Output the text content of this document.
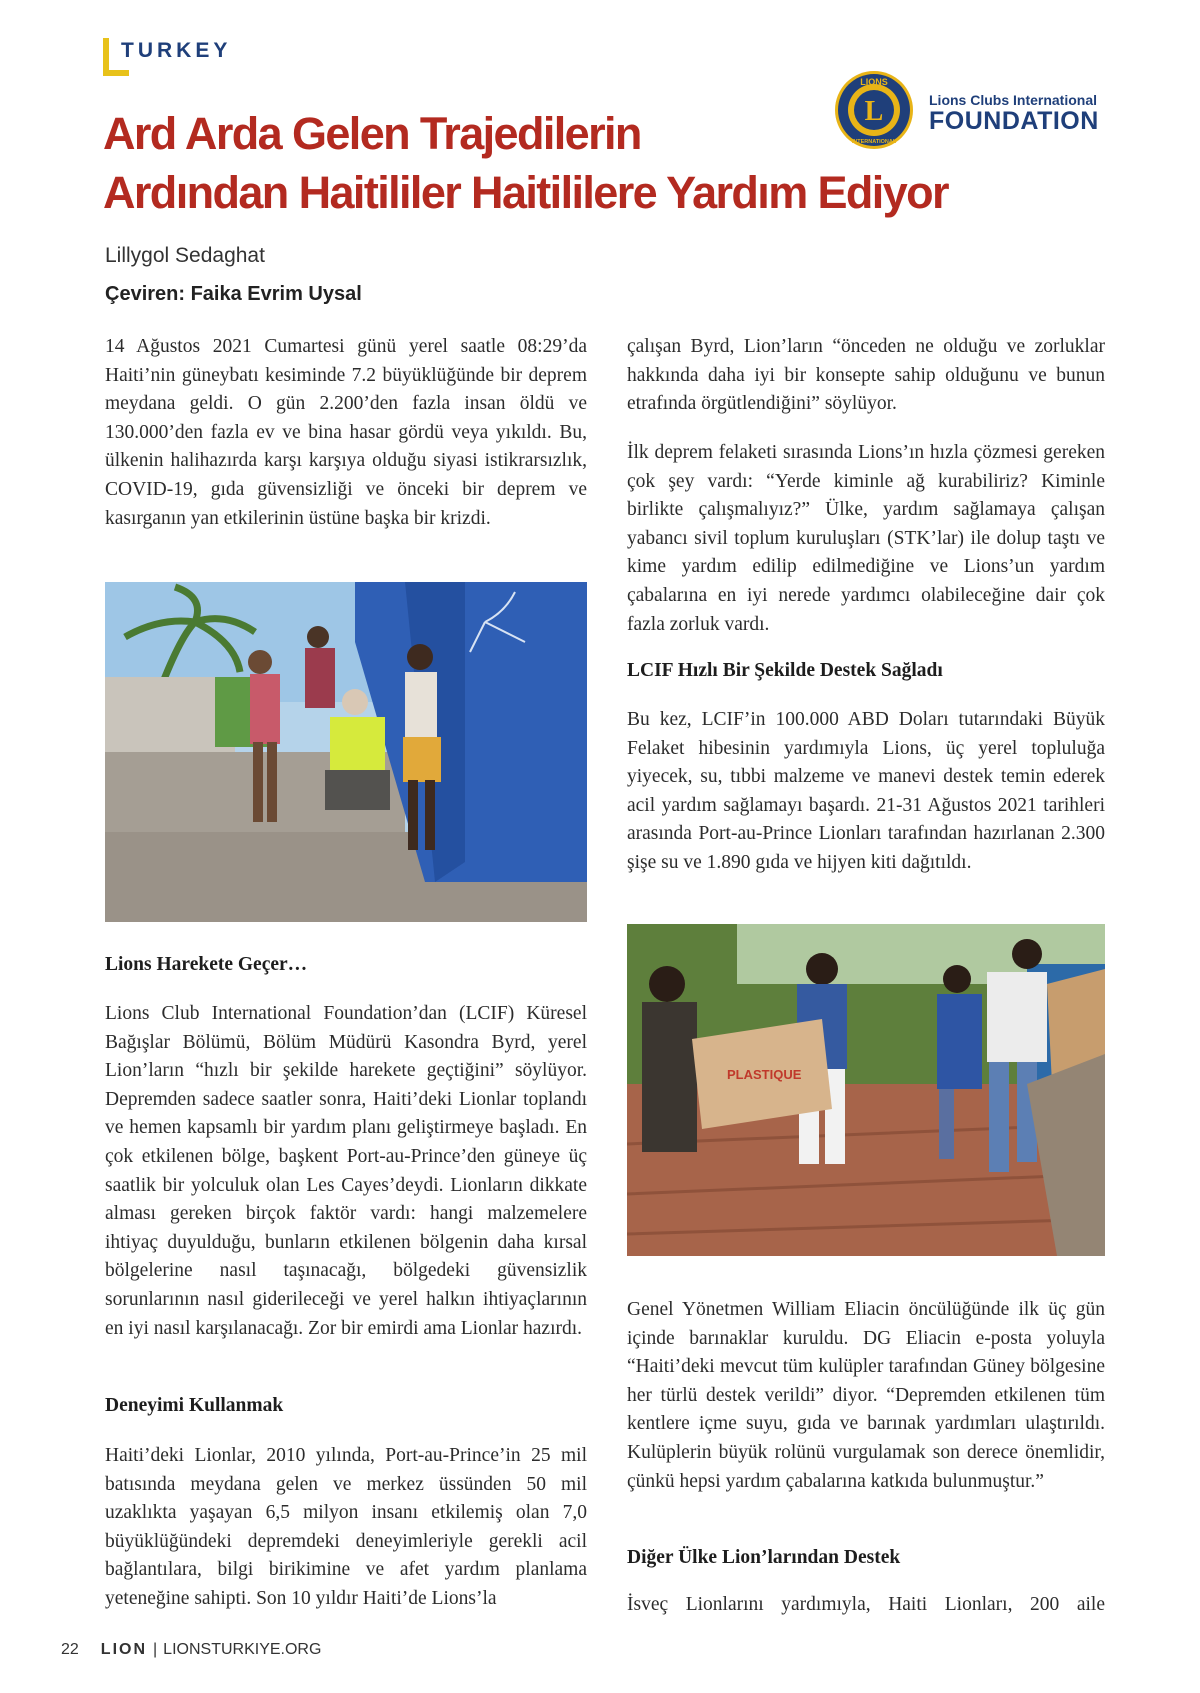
TURKEY
LIONS
INTERNATIONAL
L	Lions Clubs International
FOUNDATION
Ard Arda Gelen Trajedilerin
Ardından Haitililer Haitililere Yardım Ediyor
Lillygol Sedaghat
Çeviren: Faika Evrim Uysal

14 Ağustos 2021 Cumartesi günü yerel saatle 08:29’da Haiti’nin güneybatı kesiminde 7.2 büyüklüğünde bir deprem meydana geldi. O gün 2.200’den fazla insan öldü ve 130.000’den fazla ev ve bina hasar gördü veya yıkıldı. Bu, ülkenin halihazırda karşı karşıya olduğu siyasi istikrarsızlık, COVID-19, gıda güvensizliği ve önceki bir deprem ve kasırganın yan etkilerinin üstüne başka bir krizdi.

Lions Harekete Geçer…

Lions Club International Foundation’dan (LCIF) Küresel Bağışlar Bölümü, Bölüm Müdürü Kasondra Byrd, yerel Lion’ların “hızlı bir şekilde harekete geçtiğini” söylüyor. Depremden sadece saatler sonra, Haiti’deki Lionlar toplandı ve hemen kapsamlı bir yardım planı geliştirmeye başladı. En çok etkilenen bölge, başkent Port-au-Prince’den güneye üç saatlik bir yolculuk olan Les Cayes’deydi. Lionların dikkate alması gereken birçok faktör vardı: hangi malzemelere ihtiyaç duyulduğu, bunların etkilenen bölgenin daha kırsal bölgelerine nasıl taşınacağı, bölgedeki güvensizlik sorunlarının nasıl giderileceği ve yerel halkın ihtiyaçlarının en iyi nasıl karşılanacağı. Zor bir emirdi ama Lionlar hazırdı.

Deneyimi Kullanmak

Haiti’deki Lionlar, 2010 yılında, Port-au-Prince’in 25 mil batısında meydana gelen ve merkez üssünden 50 mil uzaklıkta yaşayan 6,5 milyon insanı etkilemiş olan 7,0 büyüklüğündeki depremdeki deneyimleriyle gerekli acil bağlantılara, bilgi birikimine ve afet yardım planlama yeteneğine sahipti. Son 10 yıldır Haiti’de Lions’la

çalışan Byrd, Lion’ların “önceden ne olduğu ve zorluklar hakkında daha iyi bir konsepte sahip olduğunu ve bunun etrafında örgütlendiğini” söylüyor.

İlk deprem felaketi sırasında Lions’ın hızla çözmesi gereken çok şey vardı: “Yerde kiminle ağ kurabiliriz? Kiminle birlikte çalışmalıyız?” Ülke, yardım sağlamaya çalışan yabancı sivil toplum kuruluşları (STK’lar) ile dolup taştı ve kime yardım edilip edilmediğine ve Lions’un yardım çabalarına en iyi nerede yardımcı olabileceğine dair çok fazla zorluk vardı.

LCIF Hızlı Bir Şekilde Destek Sağladı

Bu kez, LCIF’in 100.000 ABD Doları tutarındaki Büyük Felaket hibesinin yardımıyla Lions, üç yerel topluluğa yiyecek, su, tıbbi malzeme ve manevi destek temin ederek acil yardım sağlamayı başardı. 21-31 Ağustos 2021 tarihleri arasında Port-au-Prince Lionları tarafından hazırlanan 2.300 şişe su ve 1.890 gıda ve hijyen kiti dağıtıldı.

PLASTIQUE

Genel Yönetmen William Eliacin öncülüğünde ilk üç gün içinde barınaklar kuruldu. DG Eliacin e-posta yoluyla “Haiti’deki mevcut tüm kulüpler tarafından Güney bölgesine her türlü destek verildi” diyor. “Depremden etkilenen tüm kentlere içme suyu, gıda ve barınak yardımları ulaştırıldı. Kulüplerin büyük rolünü vurgulamak son derece önemlidir, çünkü hepsi yardım çabalarına katkıda bulunmuştur.”

Diğer Ülke Lion’larından Destek

İsveç Lionlarını yardımıyla, Haiti Lionları, 200 aile

22 LION | LIONSTURKIYE.ORG
